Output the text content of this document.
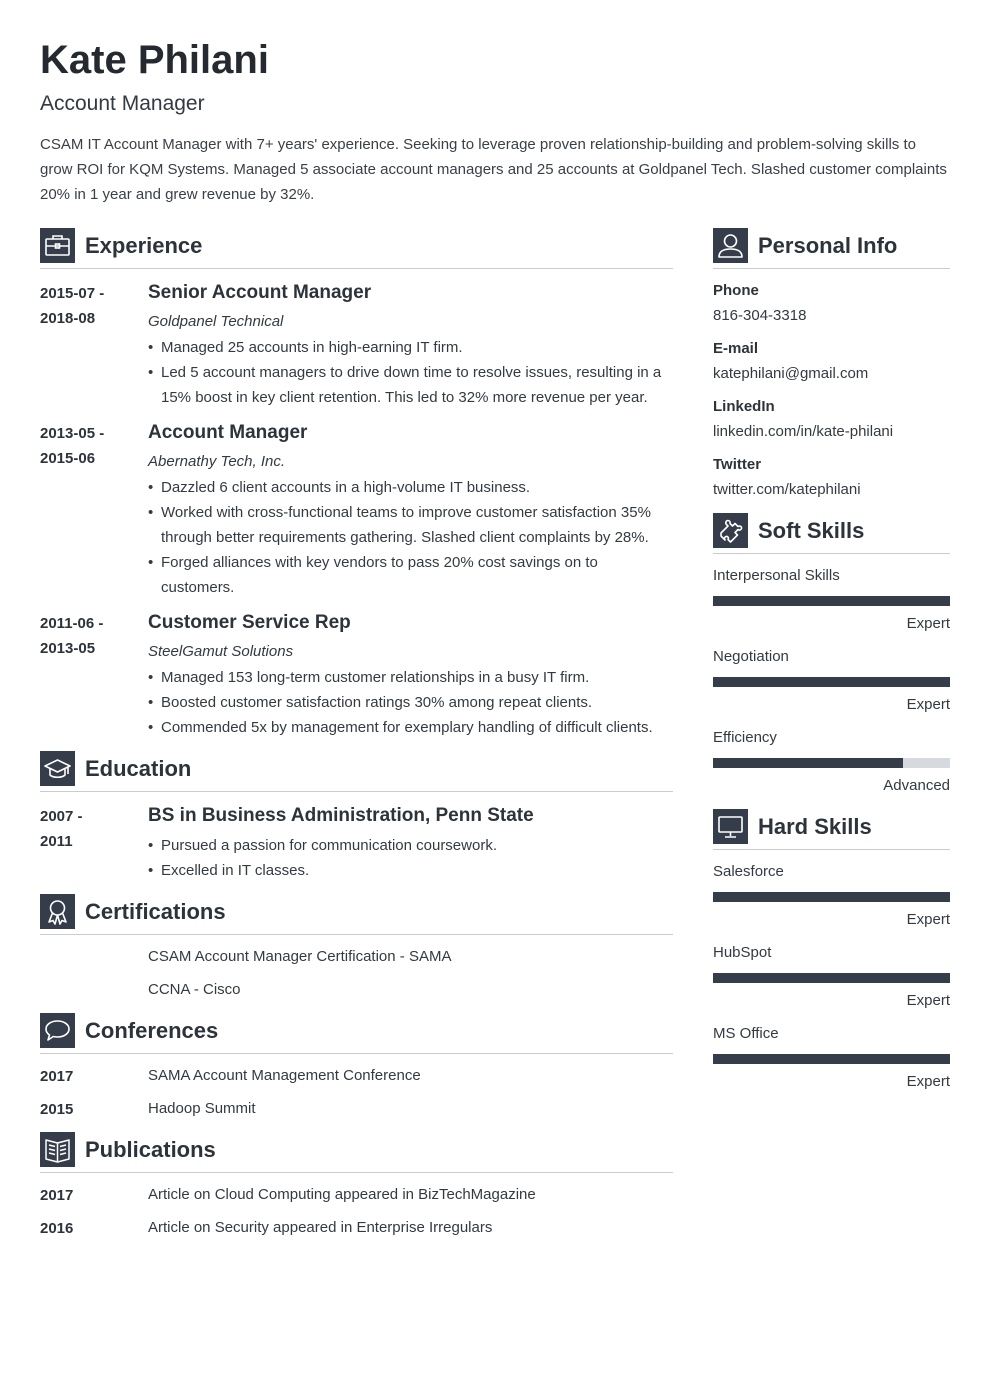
Kate Philani
Account Manager
CSAM IT Account Manager with 7+ years' experience. Seeking to leverage proven relationship-building and problem-solving skills to grow ROI for KQM Systems. Managed 5 associate account managers and 25 accounts at Goldpanel Tech. Slashed customer complaints 20% in 1 year and grew revenue by 32%.
Experience
2015-07 -
2018-08
Senior Account Manager
Goldpanel Technical
• Managed 25 accounts in high-earning IT firm.
• Led 5 account managers to drive down time to resolve issues, resulting in a 15% boost in key client retention. This led to 32% more revenue per year.
2013-05 -
2015-06
Account Manager
Abernathy Tech, Inc.
• Dazzled 6 client accounts in a high-volume IT business.
• Worked with cross-functional teams to improve customer satisfaction 35% through better requirements gathering. Slashed client complaints by 28%.
• Forged alliances with key vendors to pass 20% cost savings on to customers.
2011-06 -
2013-05
Customer Service Rep
SteelGamut Solutions
• Managed 153 long-term customer relationships in a busy IT firm.
• Boosted customer satisfaction ratings 30% among repeat clients.
• Commended 5x by management for exemplary handling of difficult clients.
Education
2007 -
2011
BS in Business Administration, Penn State
• Pursued a passion for communication coursework.
• Excelled in IT classes.
Certifications
CSAM Account Manager Certification - SAMA
CCNA - Cisco
Conferences
2017	SAMA Account Management Conference
2015	Hadoop Summit
Publications
2017	Article on Cloud Computing appeared in BizTechMagazine
2016	Article on Security appeared in Enterprise Irregulars
Personal Info
Phone
816-304-3318
E-mail
katephilani@gmail.com
LinkedIn
linkedin.com/in/kate-philani
Twitter
twitter.com/katephilani
Soft Skills
Interpersonal Skills
Expert
Negotiation
Expert
Efficiency
Advanced
Hard Skills
Salesforce
Expert
HubSpot
Expert
MS Office
Expert
